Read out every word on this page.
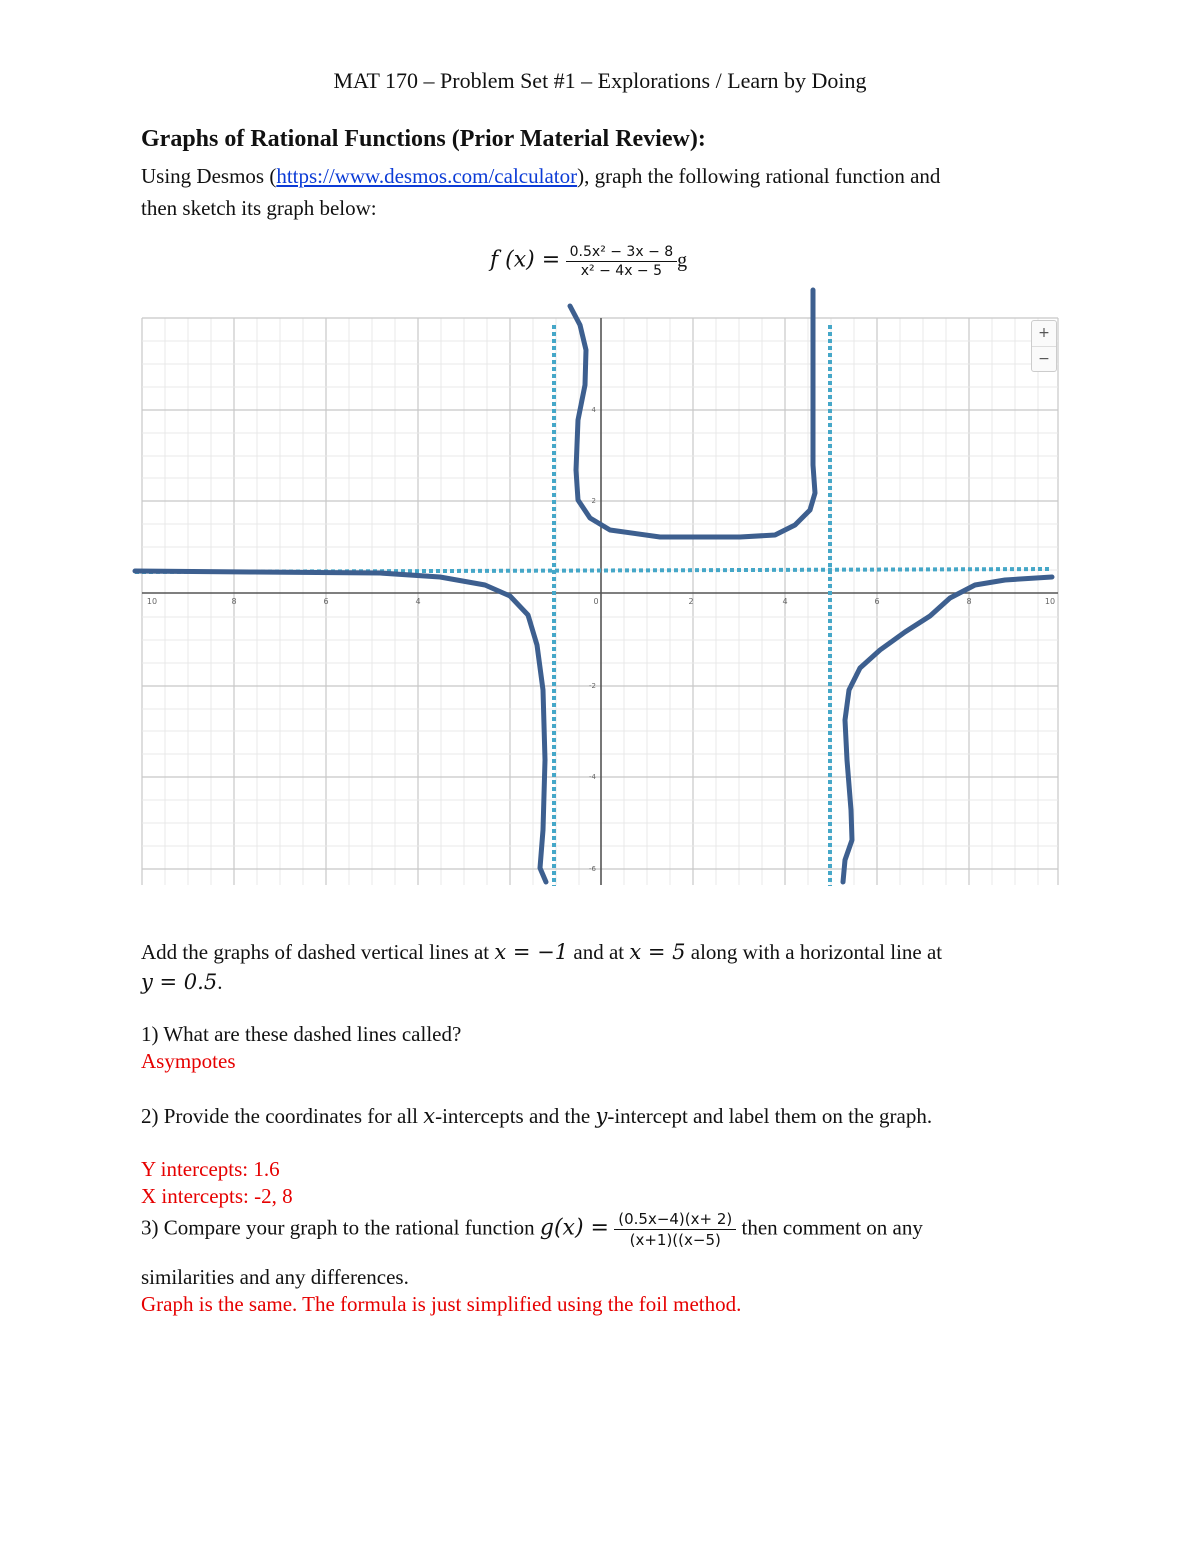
MAT 170 – Problem Set #1 – Explorations / Learn by Doing
Graphs of Rational Functions (Prior Material Review):
Using Desmos (https://www.desmos.com/calculator), graph the following rational function and
then sketch its graph below:
f $(x) = \frac{\text{0.5x² − 3x − 8}}{\text{x² − 4x − 5}}$ g
10	8	6	4	0	2	4	6	8	10
4
2
-2
-4
-6
+
−
Add the graphs of dashed vertical lines at x = −1 and at x = 5 along with a horizontal line at
y = 0.5.
1) What are these dashed lines called?
Asympotes
2) Provide the coordinates for all x-intercepts and the y-intercept and label them on the graph.
Y intercepts: 1.6
X intercepts: -2, 8
3) Compare your graph to the rational function $g(x) = \frac{(0.5x-4)(x+ 2)}{(x+1)((x-5)}$ then comment on any
similarities and any differences.
Graph is the same. The formula is just simplified using the foil method.
